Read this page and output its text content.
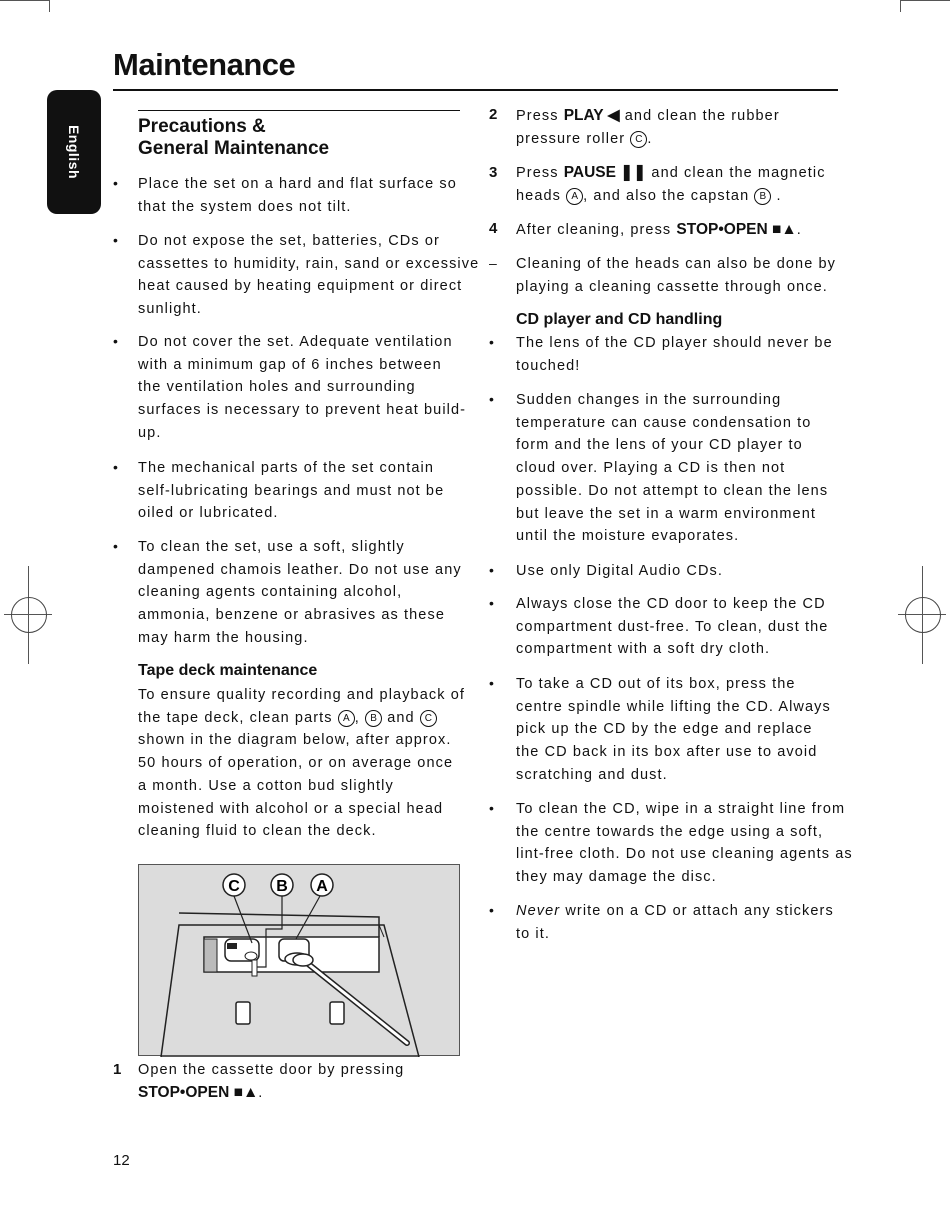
Maintenance
English	Precautions &
General Maintenance
• Place the set on a hard and flat surface so
that the system does not tilt.
• Do not expose the set, batteries, CDs or
cassettes to humidity, rain, sand or excessive
heat caused by heating equipment or direct
sunlight.
• Do not cover the set. Adequate ventilation
with a minimum gap of 6 inches between
the ventilation holes and surrounding
surfaces is necessary to prevent heat build-
up.
• The mechanical parts of the set contain
self-lubricating bearings and must not be
oiled or lubricated.
• To clean the set, use a soft, slightly
dampened chamois leather. Do not use any
cleaning agents containing alcohol,
ammonia, benzene or abrasives as these
may harm the housing.
Tape deck maintenance
To ensure quality recording and playback of
the tape deck, clean parts A , B and C
shown in the diagram below, after approx.
50 hours of operation, or on average once
a month. Use a cotton bud slightly
moistened with alcohol or a special head
cleaning fluid to clean the deck.
C B A
1 Open the cassette door by pressing
STOP•OPEN ■▲.
2 Press PLAY ◀ and clean the rubber
pressure roller C .
3 Press PAUSE ❚❚ and clean the magnetic
heads A , and also the capstan B .
4 After cleaning, press STOP•OPEN ■▲.
– Cleaning of the heads can also be done by
playing a cleaning cassette through once.
CD player and CD handling
• The lens of the CD player should never be
touched!
• Sudden changes in the surrounding
temperature can cause condensation to
form and the lens of your CD player to
cloud over. Playing a CD is then not
possible. Do not attempt to clean the lens
but leave the set in a warm environment
until the moisture evaporates.
• Use only Digital Audio CDs.
• Always close the CD door to keep the CD
compartment dust-free. To clean, dust the
compartment with a soft dry cloth.
• To take a CD out of its box, press the
centre spindle while lifting the CD. Always
pick up the CD by the edge and replace
the CD back in its box after use to avoid
scratching and dust.
• To clean the CD, wipe in a straight line from
the centre towards the edge using a soft,
lint-free cloth. Do not use cleaning agents as
they may damage the disc.
• Never write on a CD or attach any stickers
to it.
12
